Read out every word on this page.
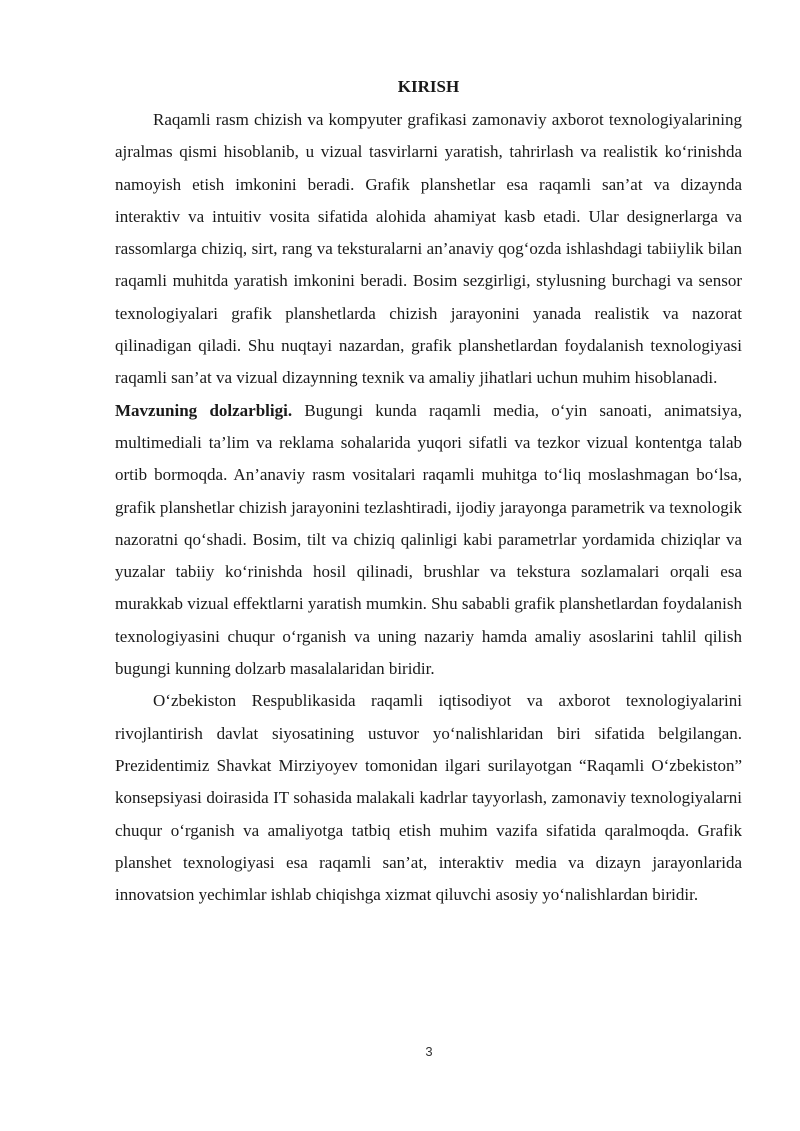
KIRISH

Raqamli rasm chizish va kompyuter grafikasi zamonaviy axborot texnologiyalarining ajralmas qismi hisoblanib, u vizual tasvirlarni yaratish, tahrirlash va realistik ko‘rinishda namoyish etish imkonini beradi. Grafik planshetlar esa raqamli san’at va dizaynda interaktiv va intuitiv vosita sifatida alohida ahamiyat kasb etadi. Ular designerlarga va rassomlarga chiziq, sirt, rang va teksturalarni an’anaviy qog‘ozda ishlashdagi tabiiylik bilan raqamli muhitda yaratish imkonini beradi. Bosim sezgirligi, stylusning burchagi va sensor texnologiyalari grafik planshetlarda chizish jarayonini yanada realistik va nazorat qilinadigan qiladi. Shu nuqtayi nazardan, grafik planshetlardan foydalanish texnologiyasi raqamli san’at va vizual dizaynning texnik va amaliy jihatlari uchun muhim hisoblanadi.

Mavzuning dolzarbligi. Bugungi kunda raqamli media, o‘yin sanoati, animatsiya, multimediali ta’lim va reklama sohalarida yuqori sifatli va tezkor vizual kontentga talab ortib bormoqda. An’anaviy rasm vositalari raqamli muhitga to‘liq moslashmagan bo‘lsa, grafik planshetlar chizish jarayonini tezlashtiradi, ijodiy jarayonga parametrik va texnologik nazoratni qo‘shadi. Bosim, tilt va chiziq qalinligi kabi parametrlar yordamida chiziqlar va yuzalar tabiiy ko‘rinishda hosil qilinadi, brushlar va tekstura sozlamalari orqali esa murakkab vizual effektlarni yaratish mumkin. Shu sababli grafik planshetlardan foydalanish texnologiyasini chuqur o‘rganish va uning nazariy hamda amaliy asoslarini tahlil qilish bugungi kunning dolzarb masalalaridan biridir.

O‘zbekiston Respublikasida raqamli iqtisodiyot va axborot texnologiyalarini rivojlantirish davlat siyosatining ustuvor yo‘nalishlaridan biri sifatida belgilangan. Prezidentimiz Shavkat Mirziyoyev tomonidan ilgari surilayotgan “Raqamli O‘zbekiston” konsepsiyasi doirasida IT sohasida malakali kadrlar tayyorlash, zamonaviy texnologiyalarni chuqur o‘rganish va amaliyotga tatbiq etish muhim vazifa sifatida qaralmoqda. Grafik planshet texnologiyasi esa raqamli san’at, interaktiv media va dizayn jarayonlarida innovatsion yechimlar ishlab chiqishga xizmat qiluvchi asosiy yo‘nalishlardan biridir.

3
